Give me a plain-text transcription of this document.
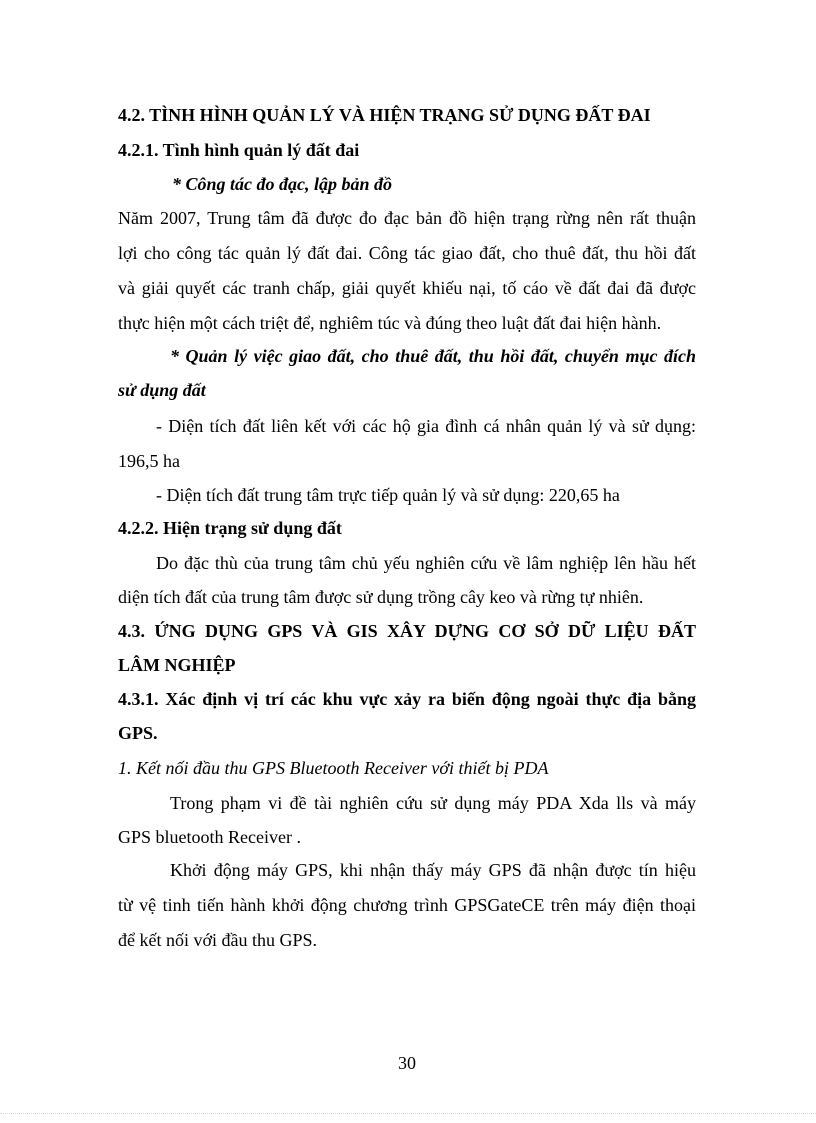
4.2. TÌNH HÌNH QUẢN LÝ VÀ HIỆN TRẠNG SỬ DỤNG ĐẤT ĐAI
4.2.1. Tình hình quản lý đất đai
* Công tác đo đạc, lập bản đồ
Năm 2007, Trung tâm đã được đo đạc bản đồ hiện trạng rừng nên rất thuận
lợi cho công tác quản lý đất đai. Công tác giao đất, cho thuê đất, thu hồi đất
và giải quyết các tranh chấp, giải quyết khiếu nại, tố cáo về đất đai đã được
thực hiện một cách triệt để, nghiêm túc và đúng theo luật đất đai hiện hành.
* Quản lý việc giao đất, cho thuê đất, thu hồi đất, chuyển mục đích
sử dụng đất
- Diện tích đất liên kết với các hộ gia đình cá nhân quản lý và sử dụng:
196,5 ha
- Diện tích đất trung tâm trực tiếp quản lý và sử dụng: 220,65 ha
4.2.2. Hiện trạng sử dụng đất
Do đặc thù của trung tâm chủ yếu nghiên cứu về lâm nghiệp lên hầu hết
diện tích đất của trung tâm được sử dụng trồng cây keo và rừng tự nhiên.
4.3. ỨNG DỤNG GPS VÀ GIS XÂY DỰNG CƠ SỞ DỮ LIỆU ĐẤT
LÂM NGHIỆP
4.3.1. Xác định vị trí các khu vực xảy ra biến động ngoài thực địa bằng
GPS.
1. Kết nối đầu thu GPS Bluetooth Receiver với thiết bị PDA
Trong phạm vi đề tài nghiên cứu sử dụng máy PDA Xda lls và máy
GPS bluetooth Receiver .
Khởi động máy GPS, khi nhận thấy máy GPS đã nhận được tín hiệu
từ vệ tinh tiến hành khởi động chương trình GPSGateCE trên máy điện thoại
để kết nối với đầu thu GPS.
30
